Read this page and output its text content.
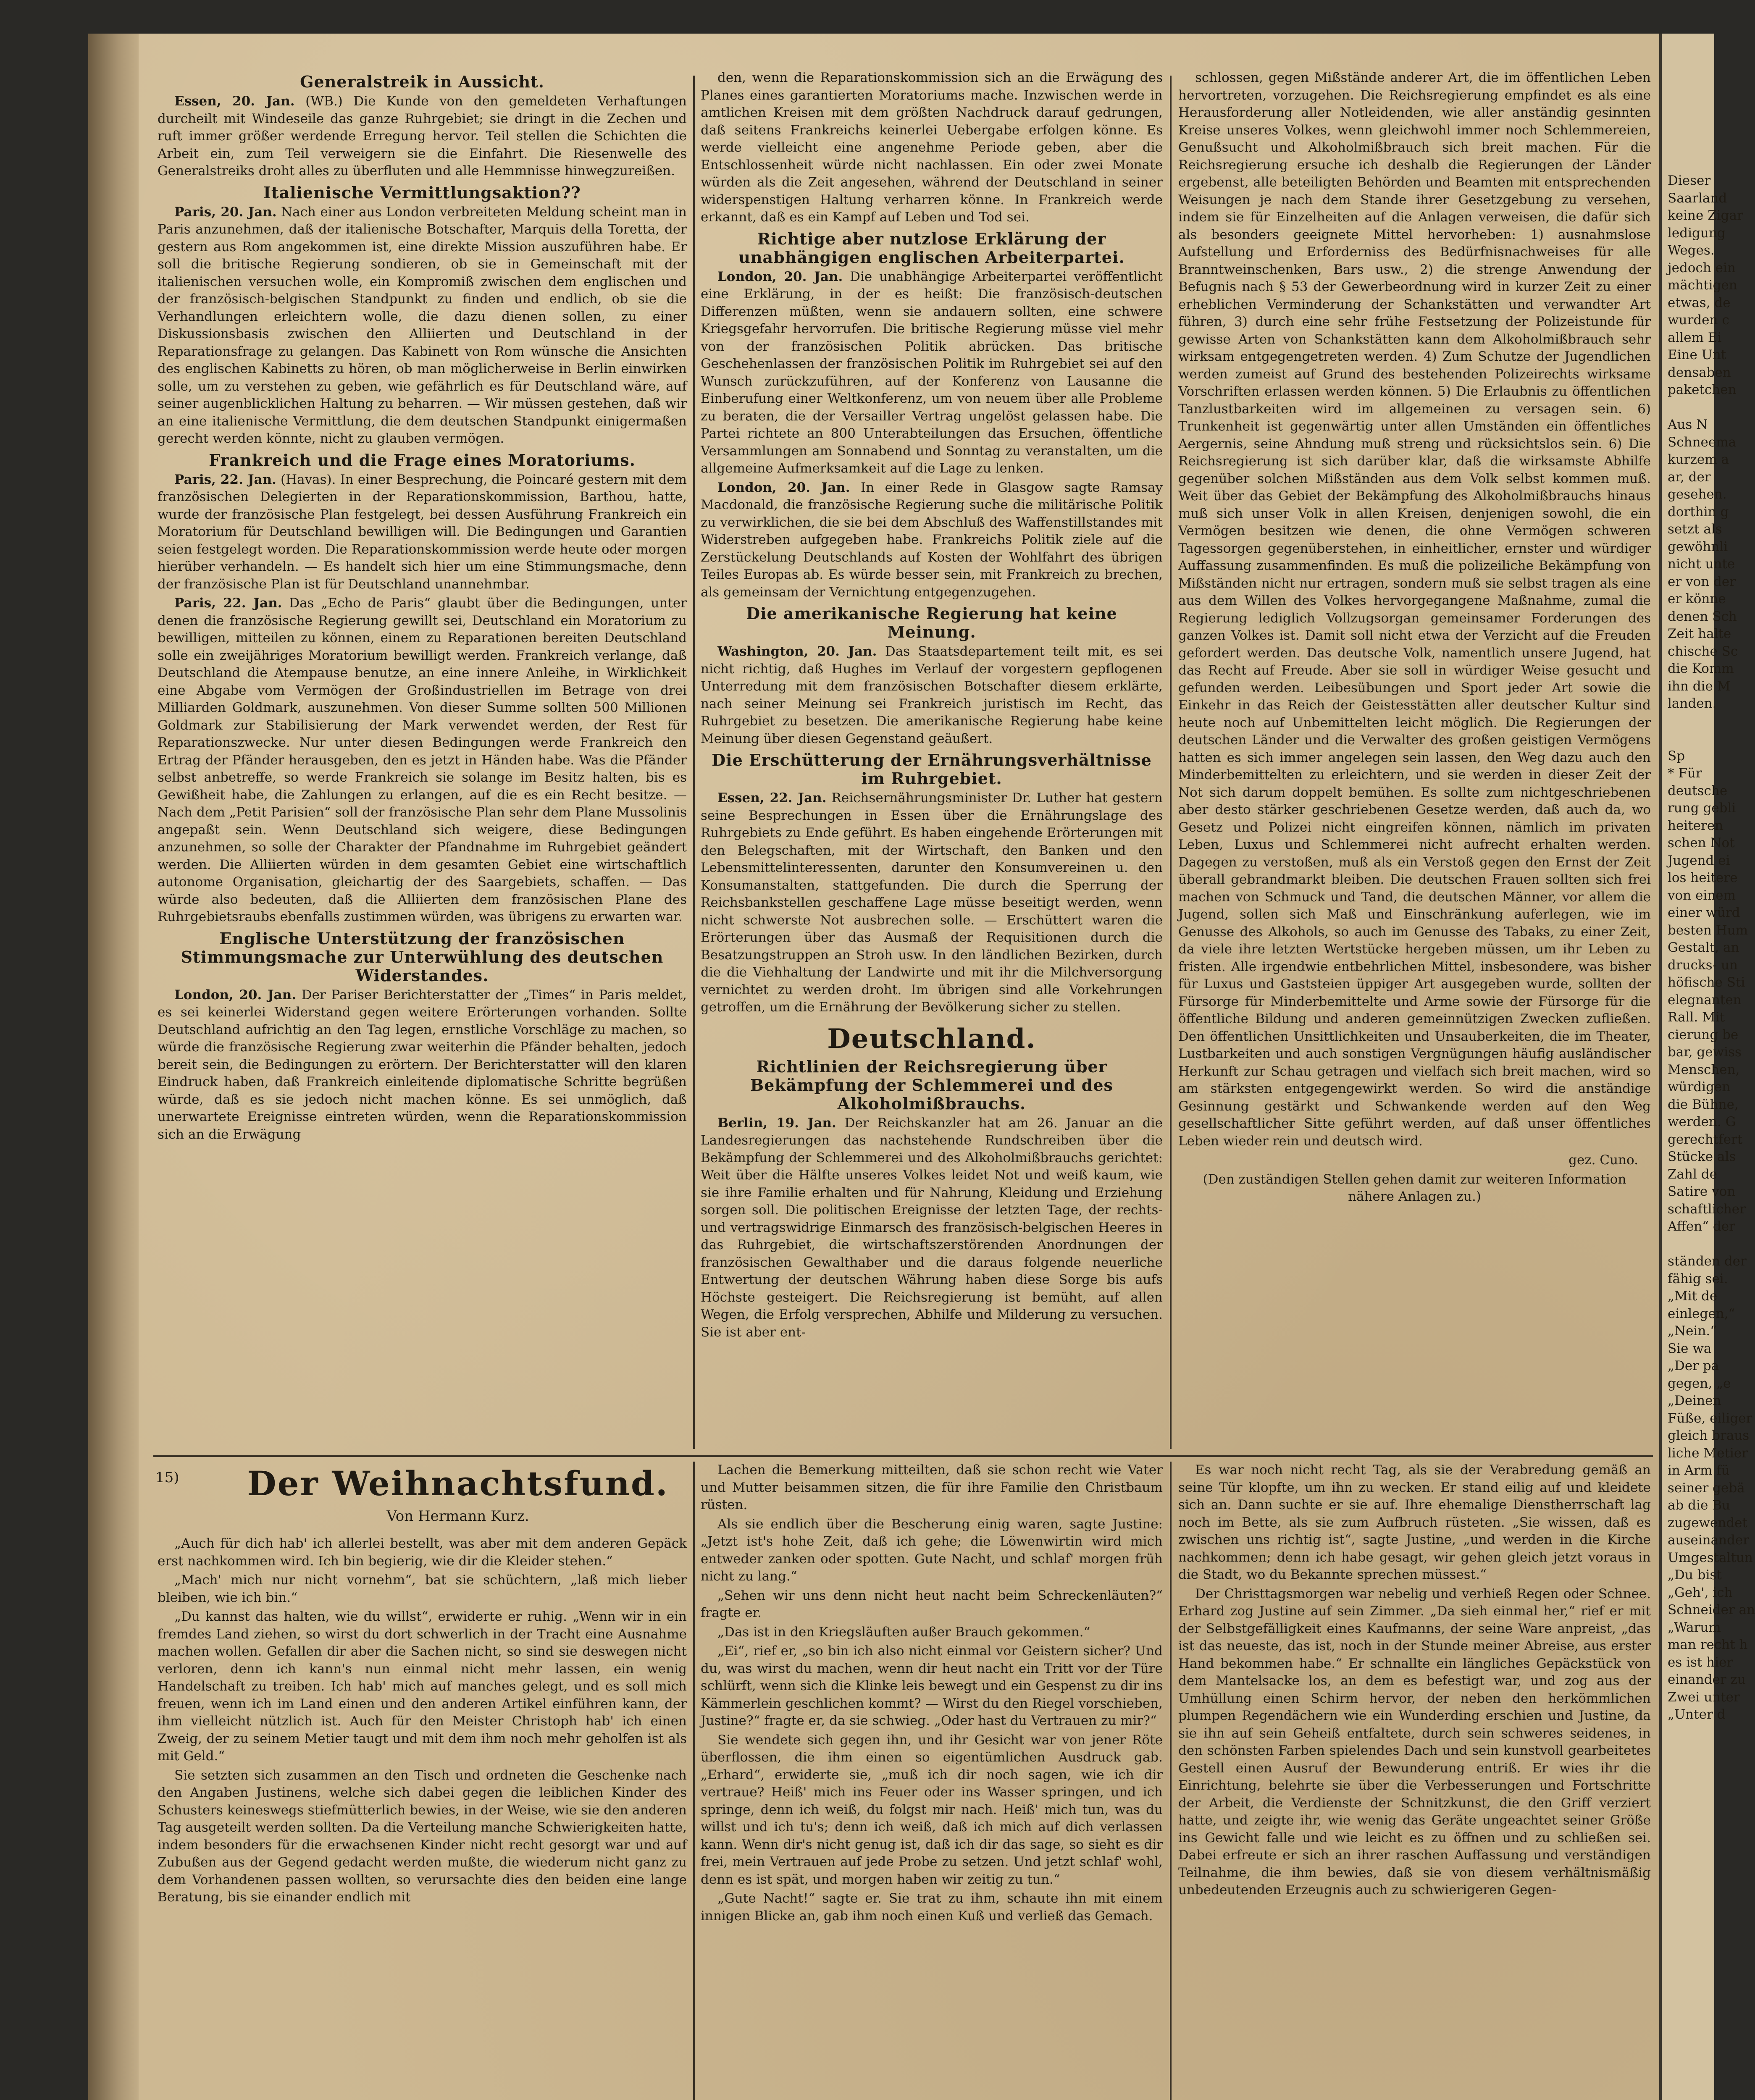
Generalstreik in Aussicht.

Essen, 20. Jan. (WB.) Die Kunde von den gemeldeten Verhaftungen durcheilt mit Windeseile das ganze Ruhrgebiet; sie dringt in die Zechen und ruft immer größer werdende Erregung hervor. Teil stellen die Schichten die Arbeit ein, zum Teil verweigern sie die Einfahrt. Die Riesenwelle des Generalstreiks droht alles zu überfluten und alle Hemmnisse hinwegzureißen.

Italienische Vermittlungsaktion??

Paris, 20. Jan. Nach einer aus London verbreiteten Meldung scheint man in Paris anzunehmen, daß der italienische Botschafter, Marquis della Toretta, der gestern aus Rom angekommen ist, eine direkte Mission auszuführen habe. Er soll die britische Regierung sondieren, ob sie in Gemeinschaft mit der italienischen versuchen wolle, ein Kompromiß zwischen dem englischen und der französisch-belgischen Standpunkt zu finden und endlich, ob sie die Verhandlungen erleichtern wolle, die dazu dienen sollen, zu einer Diskussionsbasis zwischen den Alliierten und Deutschland in der Reparationsfrage zu gelangen. Das Kabinett von Rom wünsche die Ansichten des englischen Kabinetts zu hören, ob man möglicherweise in Berlin einwirken solle, um zu verstehen zu geben, wie gefährlich es für Deutschland wäre, auf seiner augenblicklichen Haltung zu beharren. — Wir müssen gestehen, daß wir an eine italienische Vermittlung, die dem deutschen Standpunkt einigermaßen gerecht werden könnte, nicht zu glauben vermögen.

Frankreich und die Frage eines Moratoriums.

Paris, 22. Jan. (Havas). In einer Besprechung, die Poincaré gestern mit dem französischen Delegierten in der Reparationskommission, Barthou, hatte, wurde der französische Plan festgelegt, bei dessen Ausführung Frankreich ein Moratorium für Deutschland bewilligen will. Die Bedingungen und Garantien seien festgelegt worden. Die Reparationskommission werde heute oder morgen hierüber verhandeln. — Es handelt sich hier um eine Stimmungsmache, denn der französische Plan ist für Deutschland unannehmbar.

Paris, 22. Jan. Das „Echo de Paris“ glaubt über die Bedingungen, unter denen die französische Regierung gewillt sei, Deutschland ein Moratorium zu bewilligen, mitteilen zu können, einem zu Reparationen bereiten Deutschland solle ein zweijähriges Moratorium bewilligt werden. Frankreich verlange, daß Deutschland die Atempause benutze, an eine innere Anleihe, in Wirklichkeit eine Abgabe vom Vermögen der Großindustriellen im Betrage von drei Milliarden Goldmark, auszunehmen. Von dieser Summe sollten 500 Millionen Goldmark zur Stabilisierung der Mark verwendet werden, der Rest für Reparationszwecke. Nur unter diesen Bedingungen werde Frankreich den Ertrag der Pfänder herausgeben, den es jetzt in Händen habe. Was die Pfänder selbst anbetreffe, so werde Frankreich sie solange im Besitz halten, bis es Gewißheit habe, die Zahlungen zu erlangen, auf die es ein Recht besitze. — Nach dem „Petit Parisien“ soll der französische Plan sehr dem Plane Mussolinis angepaßt sein. Wenn Deutschland sich weigere, diese Bedingungen anzunehmen, so solle der Charakter der Pfandnahme im Ruhrgebiet geändert werden. Die Alliierten würden in dem gesamten Gebiet eine wirtschaftlich autonome Organisation, gleichartig der des Saargebiets, schaffen. — Das würde also bedeuten, daß die Alliierten dem französischen Plane des Ruhrgebietsraubs ebenfalls zustimmen würden, was übrigens zu erwarten war.

Englische Unterstützung der französischen Stimmungsmache zur Unterwühlung des deutschen Widerstandes.

London, 20. Jan. Der Pariser Berichterstatter der „Times“ in Paris meldet, es sei keinerlei Widerstand gegen weitere Erörterungen vorhanden. Sollte Deutschland aufrichtig an den Tag legen, ernstliche Vorschläge zu machen, so würde die französische Regierung zwar weiterhin die Pfänder behalten, jedoch bereit sein, die Bedingungen zu erörtern. Der Berichterstatter will den klaren Eindruck haben, daß Frankreich einleitende diplomatische Schritte begrüßen würde, daß es sie jedoch nicht machen könne. Es sei unmöglich, daß unerwartete Ereignisse eintreten würden, wenn die Reparationskommission sich an die Erwägung

den, wenn die Reparationskommission sich an die Erwägung des Planes eines garantierten Moratoriums mache. Inzwischen werde in amtlichen Kreisen mit dem größten Nachdruck darauf gedrungen, daß seitens Frankreichs keinerlei Uebergabe erfolgen könne. Es werde vielleicht eine angenehme Periode geben, aber die Entschlossenheit würde nicht nachlassen. Ein oder zwei Monate würden als die Zeit angesehen, während der Deutschland in seiner widerspenstigen Haltung verharren könne. In Frankreich werde erkannt, daß es ein Kampf auf Leben und Tod sei.

Richtige aber nutzlose Erklärung der unabhängigen englischen Arbeiterpartei.

London, 20. Jan. Die unabhängige Arbeiterpartei veröffentlicht eine Erklärung, in der es heißt: Die französisch-deutschen Differenzen müßten, wenn sie andauern sollten, eine schwere Kriegsgefahr hervorrufen. Die britische Regierung müsse viel mehr von der französischen Politik abrücken. Das britische Geschehenlassen der französischen Politik im Ruhrgebiet sei auf den Wunsch zurückzuführen, auf der Konferenz von Lausanne die Einberufung einer Weltkonferenz, um von neuem über alle Probleme zu beraten, die der Versailler Vertrag ungelöst gelassen habe. Die Partei richtete an 800 Unterabteilungen das Ersuchen, öffentliche Versammlungen am Sonnabend und Sonntag zu veranstalten, um die allgemeine Aufmerksamkeit auf die Lage zu lenken.

London, 20. Jan. In einer Rede in Glasgow sagte Ramsay Macdonald, die französische Regierung suche die militärische Politik zu verwirklichen, die sie bei dem Abschluß des Waffenstillstandes mit Widerstreben aufgegeben habe. Frankreichs Politik ziele auf die Zerstückelung Deutschlands auf Kosten der Wohlfahrt des übrigen Teiles Europas ab. Es würde besser sein, mit Frankreich zu brechen, als gemeinsam der Vernichtung entgegenzugehen.

Die amerikanische Regierung hat keine Meinung.

Washington, 20. Jan. Das Staatsdepartement teilt mit, es sei nicht richtig, daß Hughes im Verlauf der vorgestern gepflogenen Unterredung mit dem französischen Botschafter diesem erklärte, nach seiner Meinung sei Frankreich juristisch im Recht, das Ruhrgebiet zu besetzen. Die amerikanische Regierung habe keine Meinung über diesen Gegenstand geäußert.

Die Erschütterung der Ernährungsverhältnisse im Ruhrgebiet.

Essen, 22. Jan. Reichsernährungsminister Dr. Luther hat gestern seine Besprechungen in Essen über die Ernährungslage des Ruhrgebiets zu Ende geführt. Es haben eingehende Erörterungen mit den Belegschaften, mit der Wirtschaft, den Banken und den Lebensmittelinteressenten, darunter den Konsumvereinen u. den Konsumanstalten, stattgefunden. Die durch die Sperrung der Reichsbankstellen geschaffene Lage müsse beseitigt werden, wenn nicht schwerste Not ausbrechen solle. — Erschüttert waren die Erörterungen über das Ausmaß der Requisitionen durch die Besatzungstruppen an Stroh usw. In den ländlichen Bezirken, durch die die Viehhaltung der Landwirte und mit ihr die Milchversorgung vernichtet zu werden droht. Im übrigen sind alle Vorkehrungen getroffen, um die Ernährung der Bevölkerung sicher zu stellen.

Deutschland.
Richtlinien der Reichsregierung über Bekämpfung der Schlemmerei und des Alkoholmißbrauchs.

Berlin, 19. Jan. Der Reichskanzler hat am 26. Januar an die Landesregierungen das nachstehende Rundschreiben über die Bekämpfung der Schlemmerei und des Alkoholmißbrauchs gerichtet: Weit über die Hälfte unseres Volkes leidet Not und weiß kaum, wie sie ihre Familie erhalten und für Nahrung, Kleidung und Erziehung sorgen soll. Die politischen Ereignisse der letzten Tage, der rechts- und vertragswidrige Einmarsch des französisch-belgischen Heeres in das Ruhrgebiet, die wirtschaftszerstörenden Anordnungen der französischen Gewalthaber und die daraus folgende neuerliche Entwertung der deutschen Währung haben diese Sorge bis aufs Höchste gesteigert. Die Reichsregierung ist bemüht, auf allen Wegen, die Erfolg versprechen, Abhilfe und Milderung zu versuchen. Sie ist aber ent-

schlossen, gegen Mißstände anderer Art, die im öffentlichen Leben hervortreten, vorzugehen. Die Reichsregierung empfindet es als eine Herausforderung aller Notleidenden, wie aller anständig gesinnten Kreise unseres Volkes, wenn gleichwohl immer noch Schlemmereien, Genußsucht und Alkoholmißbrauch sich breit machen. Für die Reichsregierung ersuche ich deshalb die Regierungen der Länder ergebenst, alle beteiligten Behörden und Beamten mit entsprechenden Weisungen je nach dem Stande ihrer Gesetzgebung zu versehen, indem sie für Einzelheiten auf die Anlagen verweisen, die dafür sich als besonders geeignete Mittel hervorheben: 1) ausnahmslose Aufstellung und Erforderniss des Bedürfnisnachweises für alle Branntweinschenken, Bars usw., 2) die strenge Anwendung der Befugnis nach § 53 der Gewerbeordnung wird in kurzer Zeit zu einer erheblichen Verminderung der Schankstätten und verwandter Art führen, 3) durch eine sehr frühe Festsetzung der Polizeistunde für gewisse Arten von Schankstätten kann dem Alkoholmißbrauch sehr wirksam entgegengetreten werden. 4) Zum Schutze der Jugendlichen werden zumeist auf Grund des bestehenden Polizeirechts wirksame Vorschriften erlassen werden können. 5) Die Erlaubnis zu öffentlichen Tanzlustbarkeiten wird im allgemeinen zu versagen sein. 6) Trunkenheit ist gegenwärtig unter allen Umständen ein öffentliches Aergernis, seine Ahndung muß streng und rücksichtslos sein. 6) Die Reichsregierung ist sich darüber klar, daß die wirksamste Abhilfe gegenüber solchen Mißständen aus dem Volk selbst kommen muß. Weit über das Gebiet der Bekämpfung des Alkoholmißbrauchs hinaus muß sich unser Volk in allen Kreisen, denjenigen sowohl, die ein Vermögen besitzen wie denen, die ohne Vermögen schweren Tagessorgen gegenüberstehen, in einheitlicher, ernster und würdiger Auffassung zusammenfinden. Es muß die polizeiliche Bekämpfung von Mißständen nicht nur ertragen, sondern muß sie selbst tragen als eine aus dem Willen des Volkes hervorgegangene Maßnahme, zumal die Regierung lediglich Vollzugsorgan gemeinsamer Forderungen des ganzen Volkes ist. Damit soll nicht etwa der Verzicht auf die Freuden gefordert werden. Das deutsche Volk, namentlich unsere Jugend, hat das Recht auf Freude. Aber sie soll in würdiger Weise gesucht und gefunden werden. Leibesübungen und Sport jeder Art sowie die Einkehr in das Reich der Geistesstätten aller deutscher Kultur sind heute noch auf Unbemittelten leicht möglich. Die Regierungen der deutschen Länder und die Verwalter des großen geistigen Vermögens hatten es sich immer angelegen sein lassen, den Weg dazu auch den Minderbemittelten zu erleichtern, und sie werden in dieser Zeit der Not sich darum doppelt bemühen. Es sollte zum nichtgeschriebenen aber desto stärker geschriebenen Gesetze werden, daß auch da, wo Gesetz und Polizei nicht eingreifen können, nämlich im privaten Leben, Luxus und Schlemmerei nicht aufrecht erhalten werden. Dagegen zu verstoßen, muß als ein Verstoß gegen den Ernst der Zeit überall gebrandmarkt bleiben. Die deutschen Frauen sollten sich frei machen von Schmuck und Tand, die deutschen Männer, vor allem die Jugend, sollen sich Maß und Einschränkung auferlegen, wie im Genusse des Alkohols, so auch im Genusse des Tabaks, zu einer Zeit, da viele ihre letzten Wertstücke hergeben müssen, um ihr Leben zu fristen. Alle irgendwie entbehrlichen Mittel, insbesondere, was bisher für Luxus und Gaststeien üppiger Art ausgegeben wurde, sollten der Fürsorge für Minderbemittelte und Arme sowie der Fürsorge für die öffentliche Bildung und anderen gemeinnützigen Zwecken zufließen. Den öffentlichen Unsittlichkeiten und Unsauberkeiten, die im Theater, Lustbarkeiten und auch sonstigen Vergnügungen häufig ausländischer Herkunft zur Schau getragen und vielfach sich breit machen, wird so am stärksten entgegengewirkt werden. So wird die anständige Gesinnung gestärkt und Schwankende werden auf den Weg gesellschaftlicher Sitte geführt werden, auf daß unser öffentliches Leben wieder rein und deutsch wird.

gez. Cuno.

(Den zuständigen Stellen gehen damit zur weiteren Information nähere Anlagen zu.)

15) Der Weihnachtsfund.
Von Hermann Kurz.

„Auch für dich hab' ich allerlei bestellt, was aber mit dem anderen Gepäck erst nachkommen wird. Ich bin begierig, wie dir die Kleider stehen.“

„Mach' mich nur nicht vornehm“, bat sie schüchtern, „laß mich lieber bleiben, wie ich bin.“

„Du kannst das halten, wie du willst“, erwiderte er ruhig. „Wenn wir in ein fremdes Land ziehen, so wirst du dort schwerlich in der Tracht eine Ausnahme machen wollen. Gefallen dir aber die Sachen nicht, so sind sie deswegen nicht verloren, denn ich kann's nun einmal nicht mehr lassen, ein wenig Handelschaft zu treiben. Ich hab' mich auf manches gelegt, und es soll mich freuen, wenn ich im Land einen und den anderen Artikel einführen kann, der ihm vielleicht nützlich ist. Auch für den Meister Christoph hab' ich einen Zweig, der zu seinem Metier taugt und mit dem ihm noch mehr geholfen ist als mit Geld.“

Sie setzten sich zusammen an den Tisch und ordneten die Geschenke nach den Angaben Justinens, welche sich dabei gegen die leiblichen Kinder des Schusters keineswegs stiefmütterlich bewies, in der Weise, wie sie den anderen Tag ausgeteilt werden sollten. Da die Verteilung manche Schwierigkeiten hatte, indem besonders für die erwachsenen Kinder nicht recht gesorgt war und auf Zubußen aus der Gegend gedacht werden mußte, die wiederum nicht ganz zu dem Vorhandenen passen wollten, so verursachte dies den beiden eine lange Beratung, bis sie einander endlich mit

Lachen die Bemerkung mitteilten, daß sie schon recht wie Vater und Mutter beisammen sitzen, die für ihre Familie den Christbaum rüsten.

Als sie endlich über die Bescherung einig waren, sagte Justine: „Jetzt ist's hohe Zeit, daß ich gehe; die Löwenwirtin wird mich entweder zanken oder spotten. Gute Nacht, und schlaf' morgen früh nicht zu lang.“

„Sehen wir uns denn nicht heut nacht beim Schreckenläuten?“ fragte er.

„Das ist in den Kriegsläuften außer Brauch gekommen.“

„Ei“, rief er, „so bin ich also nicht einmal vor Geistern sicher? Und du, was wirst du machen, wenn dir heut nacht ein Tritt vor der Türe schlürft, wenn sich die Klinke leis bewegt und ein Gespenst zu dir ins Kämmerlein geschlichen kommt? — Wirst du den Riegel vorschieben, Justine?“ fragte er, da sie schwieg. „Oder hast du Vertrauen zu mir?“

Sie wendete sich gegen ihn, und ihr Gesicht war von jener Röte überflossen, die ihm einen so eigentümlichen Ausdruck gab. „Erhard“, erwiderte sie, „muß ich dir noch sagen, wie ich dir vertraue? Heiß' mich ins Feuer oder ins Wasser springen, und ich springe, denn ich weiß, du folgst mir nach. Heiß' mich tun, was du willst und ich tu's; denn ich weiß, daß ich mich auf dich verlassen kann. Wenn dir's nicht genug ist, daß ich dir das sage, so sieht es dir frei, mein Vertrauen auf jede Probe zu setzen. Und jetzt schlaf' wohl, denn es ist spät, und morgen haben wir zeitig zu tun.“

„Gute Nacht!“ sagte er. Sie trat zu ihm, schaute ihn mit einem innigen Blicke an, gab ihm noch einen Kuß und verließ das Gemach.

Es war noch nicht recht Tag, als sie der Verabredung gemäß an seine Tür klopfte, um ihn zu wecken. Er stand eilig auf und kleidete sich an. Dann suchte er sie auf. Ihre ehemalige Dienstherrschaft lag noch im Bette, als sie zum Aufbruch rüsteten. „Sie wissen, daß es zwischen uns richtig ist“, sagte Justine, „und werden in die Kirche nachkommen; denn ich habe gesagt, wir gehen gleich jetzt voraus in die Stadt, wo du Bekannte sprechen müssest.“

Der Christtagsmorgen war nebelig und verhieß Regen oder Schnee. Erhard zog Justine auf sein Zimmer. „Da sieh einmal her,“ rief er mit der Selbstgefälligkeit eines Kaufmanns, der seine Ware anpreist, „das ist das neueste, das ist, noch in der Stunde meiner Abreise, aus erster Hand bekommen habe.“ Er schnallte ein längliches Gepäckstück von dem Mantelsacke los, an dem es befestigt war, und zog aus der Umhüllung einen Schirm hervor, der neben den herkömmlichen plumpen Regendächern wie ein Wunderding erschien und Justine, da sie ihn auf sein Geheiß entfaltete, durch sein schweres seidenes, in den schönsten Farben spielendes Dach und sein kunstvoll gearbeitetes Gestell einen Ausruf der Bewunderung entriß. Er wies ihr die Einrichtung, belehrte sie über die Verbesserungen und Fortschritte der Arbeit, die Verdienste der Schnitzkunst, die den Griff verziert hatte, und zeigte ihr, wie wenig das Geräte ungeachtet seiner Größe ins Gewicht falle und wie leicht es zu öffnen und zu schließen sei. Dabei erfreute er sich an ihrer raschen Auffassung und verständigen Teilnahme, die ihm bewies, daß sie von diesem verhältnismäßig unbedeutenden Erzeugnis auch zu schwierigeren Gegen-

Dieser
Saarland
keine Zigar
ledigung
Weges.
jedoch ein
mächtigen
etwas, de
wurden c
allem Ei
Eine Unt
densaben
paketchen
Aus N
Schneema
kurzem a
ar, der
gesehen.
dorthin g
setzt als
gewöhnli
nicht unte
er von der
er könne
denen Sch
Zeit halte
chische Sc
die Komm
ihn die M
landen.
Sp
* Für
deutsche
rung gebli
heiteren
schen Not
Jugend ei
los heitere
von einem
einer würd
besten Hum
Gestalt, an
drucks- un
höfische Sti
elegnanten
Rall. Mit
cierung be
bar, gewiss
Menschen,
würdigen
die Bühne,
werden. G
gerechtfert
Stücke als
Zahl de
Satire von
schaftlicher
Affen“ der
ständen der
fähig sei.
„Mit de
einlegen,“
„Nein.“
Sie wa
„Der pa
gegen, „e
„Deinen
Füße, eiliger
gleich braus
liche Metier
in Arm fü
seiner gebä
ab die Bu
zugewendet
auseinander
Umgestaltun
„Du bist
„Geh', ich
Schneider an
„Warum
man recht h
es ist hier
einander zu
Zwei unter
„Unter d
